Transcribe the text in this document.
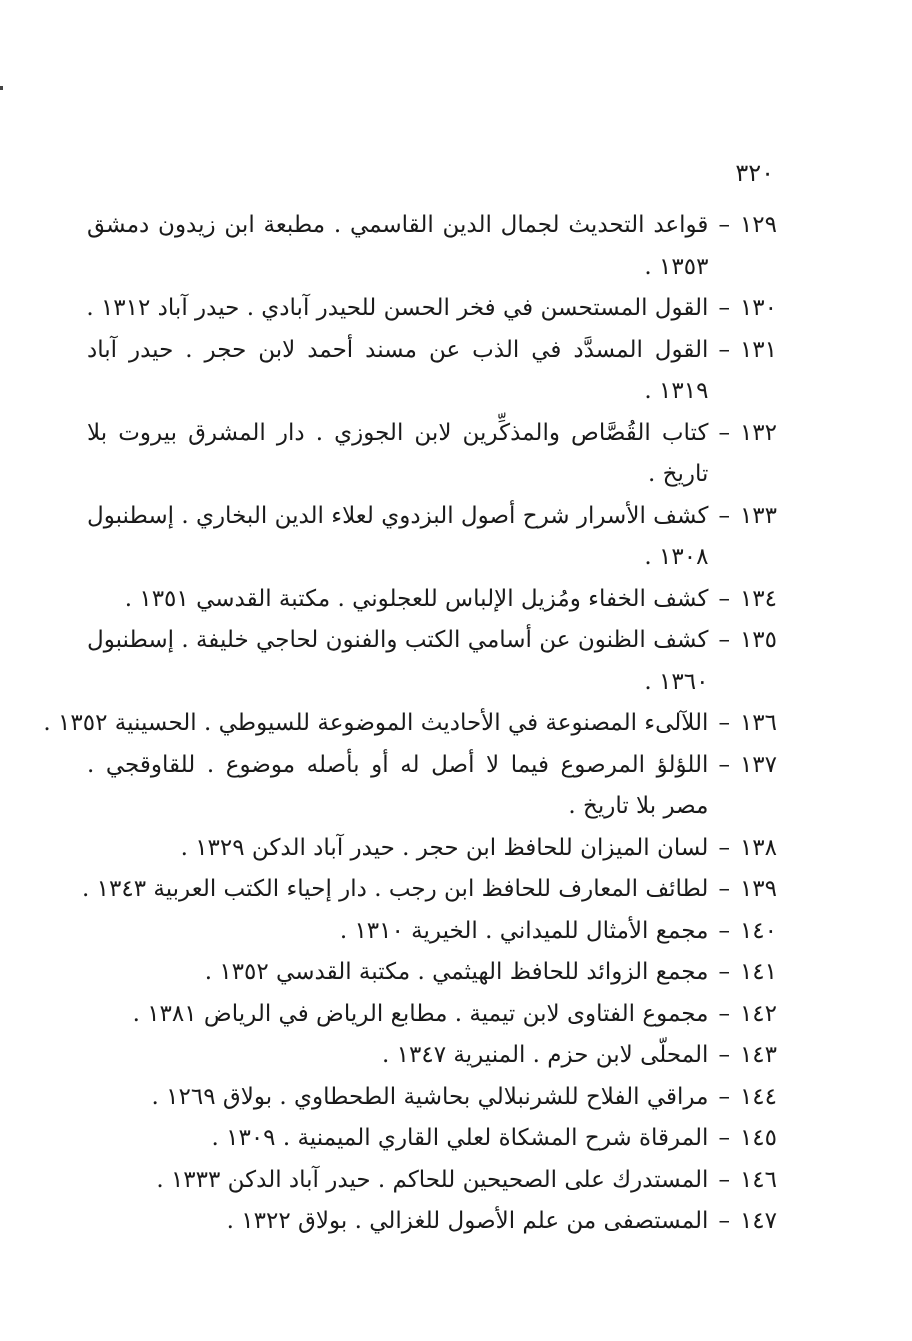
٣٢٠
١٢٩
–
قواعد التحديث لجمال الدين القاسمي . مطبعة ابن زيدون دمشق ١٣٥٣ .
١٣٠
–
القول المستحسن في فخر الحسن للحيدر آبادي . حيدر آباد ١٣١٢ .
١٣١
–
القول المسدَّد في الذب عن مسند أحمد لابن حجر . حيدر آباد ١٣١٩ .
١٣٢
–
كتاب القُصَّاص والمذكِّرين لابن الجوزي . دار المشرق بيروت بلا تاريخ .
١٣٣
–
كشف الأسرار شرح أصول البزدوي لعلاء الدين البخاري . إسطنبول ١٣٠٨ .
١٣٤
–
كشف الخفاء ومُزيل الإلباس للعجلوني . مكتبة القدسي ١٣٥١ .
١٣٥
–
كشف الظنون عن أسامي الكتب والفنون لحاجي خليفة . إسطنبول ١٣٦٠ .
١٣٦
–
اللآلىء المصنوعة في الأحاديث الموضوعة للسيوطي . الحسينية ١٣٥٢ .
١٣٧
–
اللؤلؤ المرصوع فيما لا أصل له أو بأصله موضوع . للقاوقجي . مصر بلا تاريخ .
١٣٨
–
لسان الميزان للحافظ ابن حجر . حيدر آباد الدكن ١٣٢٩ .
١٣٩
–
لطائف المعارف للحافظ ابن رجب . دار إحياء الكتب العربية ١٣٤٣ .
١٤٠
–
مجمع الأمثال للميداني . الخيرية ١٣١٠ .
١٤١
–
مجمع الزوائد للحافظ الهيثمي . مكتبة القدسي ١٣٥٢ .
١٤٢
–
مجموع الفتاوى لابن تيمية . مطابع الرياض في الرياض ١٣٨١ .
١٤٣
–
المحلّى لابن حزم . المنيرية ١٣٤٧ .
١٤٤
–
مراقي الفلاح للشرنبلالي بحاشية الطحطاوي . بولاق ١٢٦٩ .
١٤٥
–
المرقاة شرح المشكاة لعلي القاري الميمنية . ١٣٠٩ .
١٤٦
–
المستدرك على الصحيحين للحاكم . حيدر آباد الدكن ١٣٣٣ .
١٤٧
–
المستصفى من علم الأصول للغزالي . بولاق ١٣٢٢ .
